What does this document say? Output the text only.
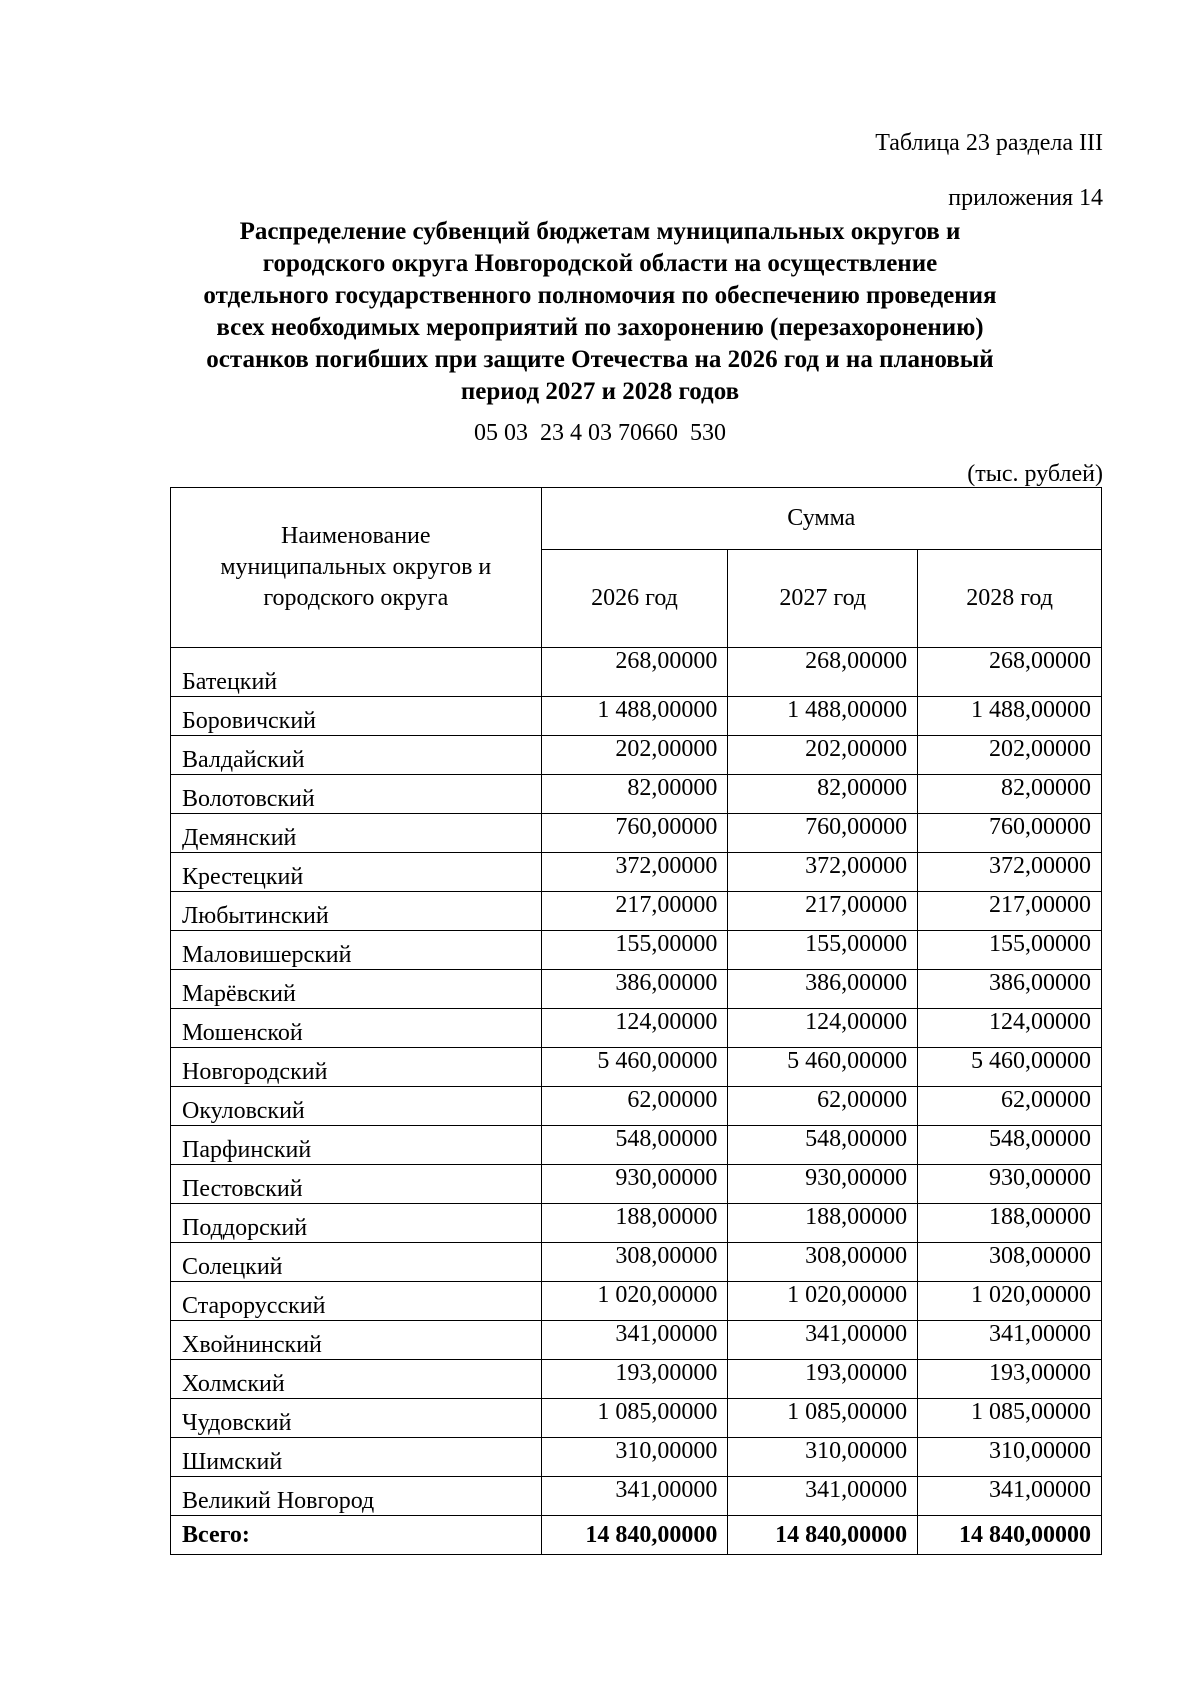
Таблица 23 раздела III
приложения 14
Распределение субвенций бюджетам муниципальных округов и
городского округа Новгородской области на осуществление
отдельного государственного полномочия по обеспечению проведения
всех необходимых мероприятий по захоронению (перезахоронению)
останков погибших при защите Отечества на 2026 год и на плановый
период 2027 и 2028 годов
05 03  23 4 03 70660  530
(тыс. рублей)
Наименование муниципальных округов и городского округа	Сумма		
	2026 год	2027 год	2028 год
Батецкий	268,00000	268,00000	268,00000
Боровичский	1 488,00000	1 488,00000	1 488,00000
Валдайский	202,00000	202,00000	202,00000
Волотовский	82,00000	82,00000	82,00000
Демянский	760,00000	760,00000	760,00000
Крестецкий	372,00000	372,00000	372,00000
Любытинский	217,00000	217,00000	217,00000
Маловишерский	155,00000	155,00000	155,00000
Марёвский	386,00000	386,00000	386,00000
Мошенской	124,00000	124,00000	124,00000
Новгородский	5 460,00000	5 460,00000	5 460,00000
Окуловский	62,00000	62,00000	62,00000
Парфинский	548,00000	548,00000	548,00000
Пестовский	930,00000	930,00000	930,00000
Поддорский	188,00000	188,00000	188,00000
Солецкий	308,00000	308,00000	308,00000
Старорусский	1 020,00000	1 020,00000	1 020,00000
Хвойнинский	341,00000	341,00000	341,00000
Холмский	193,00000	193,00000	193,00000
Чудовский	1 085,00000	1 085,00000	1 085,00000
Шимский	310,00000	310,00000	310,00000
Великий Новгород	341,00000	341,00000	341,00000
Всего:	14 840,00000	14 840,00000	14 840,00000
